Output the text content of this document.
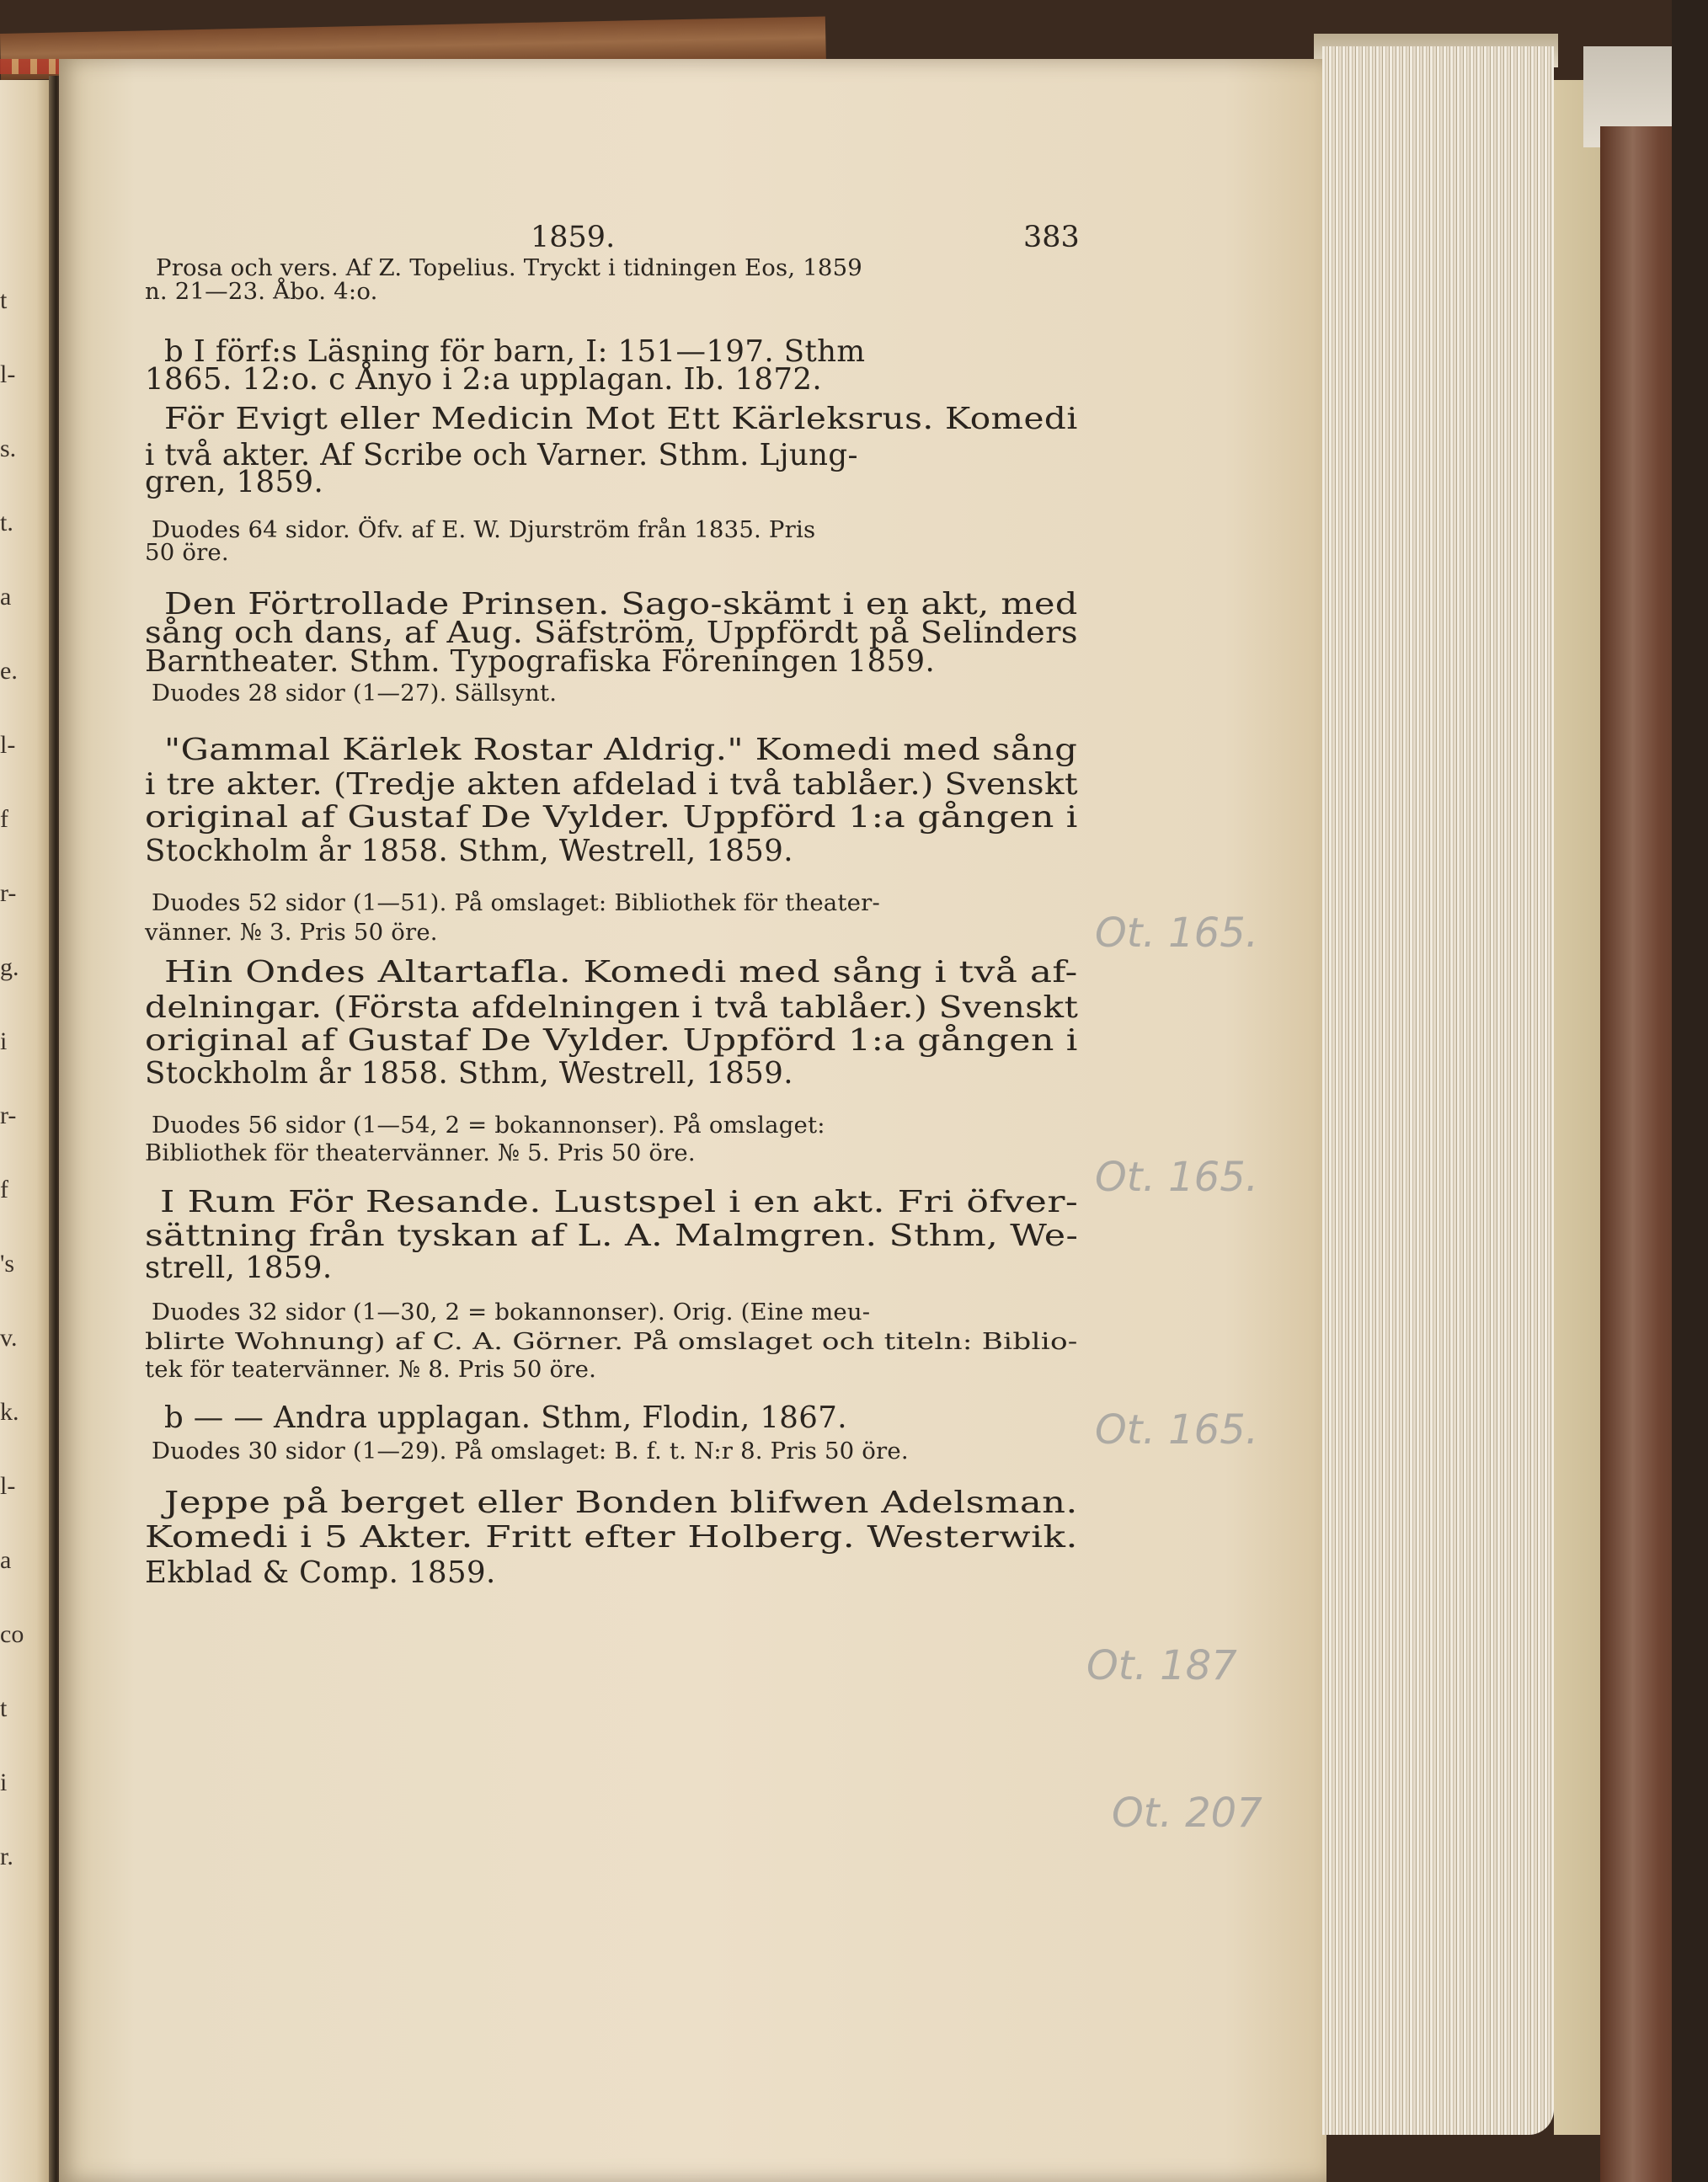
t
l-
s.
t.
a
e.
l-
f
r-
g.
i
r-
f
's
v.
k.
l-
a
co
t
i
r.
1859.	383
Prosa och vers. Af Z. Topelius. Tryckt i tidningen Eos, 1859
n. 21—23. Åbo. 4:o.
b I förf:s Läsning för barn, I: 151—197. Sthm
1865. 12:o. c Ånyo i 2:a upplagan. Ib. 1872.
För Evigt eller Medicin Mot Ett Kärleksrus. Komedi
i två akter. Af Scribe och Varner. Sthm. Ljung-
gren, 1859.
Duodes 64 sidor. Öfv. af E. W. Djurström från 1835. Pris
50 öre.
Den Förtrollade Prinsen. Sago-skämt i en akt, med
sång och dans, af Aug. Säfström, Uppfördt på Selinders
Barntheater. Sthm. Typografiska Föreningen 1859.
Duodes 28 sidor (1—27). Sällsynt.
"Gammal Kärlek Rostar Aldrig." Komedi med sång
i tre akter. (Tredje akten afdelad i två tablåer.) Svenskt
original af Gustaf De Vylder. Uppförd 1:a gången i
Stockholm år 1858. Sthm, Westrell, 1859.
Duodes 52 sidor (1—51). På omslaget: Bibliothek för theater-
vänner. № 3. Pris 50 öre.
Hin Ondes Altartafla. Komedi med sång i två af-
delningar. (Första afdelningen i två tablåer.) Svenskt
original af Gustaf De Vylder. Uppförd 1:a gången i
Stockholm år 1858. Sthm, Westrell, 1859.
Duodes 56 sidor (1—54, 2 = bokannonser). På omslaget:
Bibliothek för theatervänner. № 5. Pris 50 öre.
I Rum För Resande. Lustspel i en akt. Fri öfver-
sättning från tyskan af L. A. Malmgren. Sthm, We-
strell, 1859.
Duodes 32 sidor (1—30, 2 = bokannonser). Orig. (Eine meu-
blirte Wohnung) af C. A. Görner. På omslaget och titeln: Biblio-
tek för teatervänner. № 8. Pris 50 öre.
b — — Andra upplagan. Sthm, Flodin, 1867.
Duodes 30 sidor (1—29). På omslaget: B. f. t. N:r 8. Pris 50 öre.
Jeppe på berget eller Bonden blifwen Adelsman.
Komedi i 5 Akter. Fritt efter Holberg. Westerwik.
Ekblad & Comp. 1859.
Ot. 165.
Ot. 165.
Ot. 165.
Ot. 187
Ot. 207
